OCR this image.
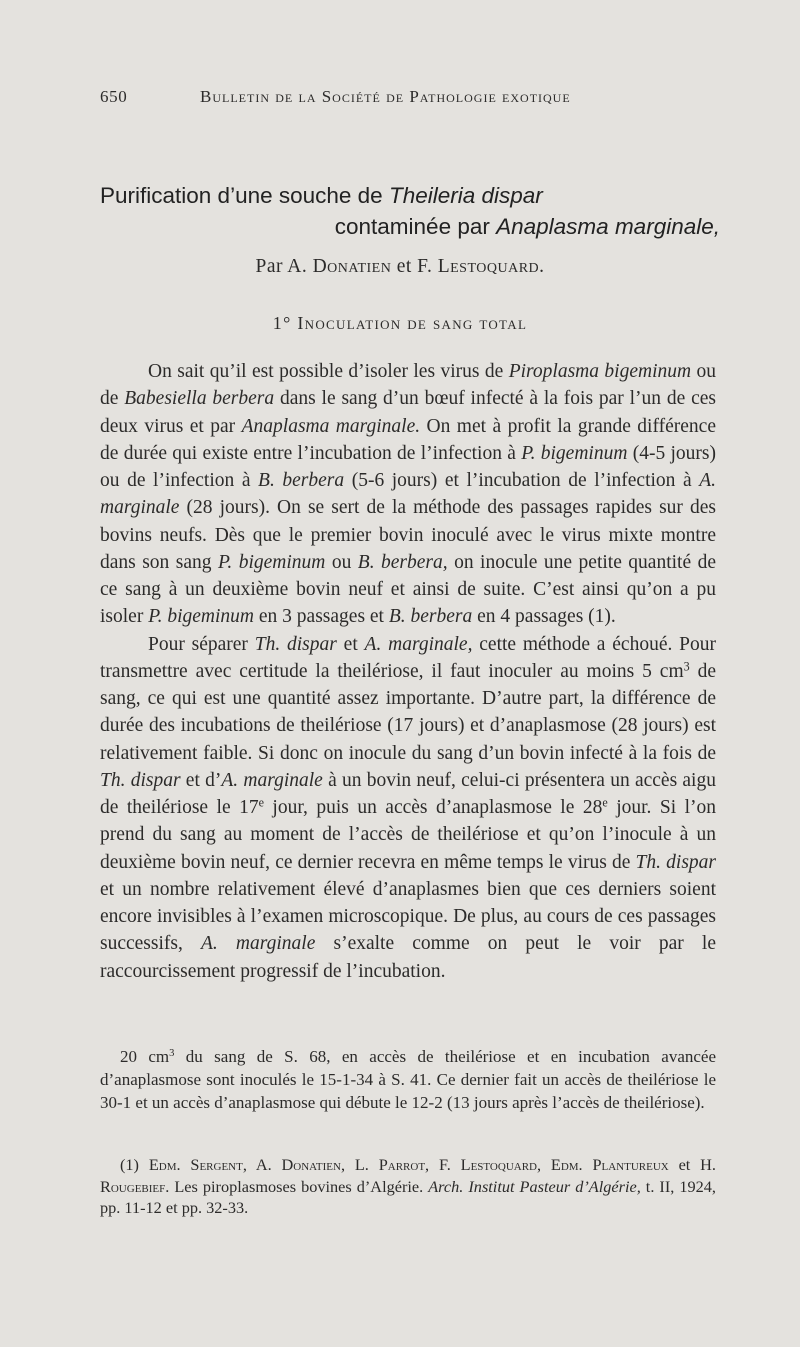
650	Bulletin de la Société de Pathologie exotique
Purification d’une souche de Theileria dispar
contaminée par Anaplasma marginale,
Par A. Donatien et F. Lestoquard.
1° Inoculation de sang total

On sait qu’il est possible d’isoler les virus de Piroplasma bigeminum ou de Babesiella berbera dans le sang d’un bœuf infecté à la fois par l’un de ces deux virus et par Anaplasma marginale. On met à profit la grande différence de durée qui existe entre l’incubation de l’infection à P. bigeminum (4-5 jours) ou de l’infection à B. berbera (5-6 jours) et l’incubation de l’infection à A. marginale (28 jours). On se sert de la méthode des passages rapides sur des bovins neufs. Dès que le premier bovin inoculé avec le virus mixte montre dans son sang P. bigeminum ou B. berbera, on inocule une petite quantité de ce sang à un deuxième bovin neuf et ainsi de suite. C’est ainsi qu’on a pu isoler P. bigeminum en 3 passages et B. berbera en 4 passages (1).

Pour séparer Th. dispar et A. marginale, cette méthode a échoué. Pour transmettre avec certitude la theilériose, il faut inoculer au moins 5 $cm^3$ de sang, ce qui est une quantité assez importante. D’autre part, la différence de durée des incubations de theilériose (17 jours) et d’anaplasmose (28 jours) est relativement faible. Si donc on inocule du sang d’un bovin infecté à la fois de Th. dispar et d’A. marginale à un bovin neuf, celui-ci présentera un accès aigu de theilériose le 17e jour, puis un accès d’anaplasmose le 28e jour. Si l’on prend du sang au moment de l’accès de theilériose et qu’on l’inocule à un deuxième bovin neuf, ce dernier recevra en même temps le virus de Th. dispar et un nombre relativement élevé d’anaplasmes bien que ces derniers soient encore invisibles à l’examen microscopique. De plus, au cours de ces passages successifs, A. marginale s’exalte comme on peut le voir par le raccourcissement progressif de l’incubation.

20 $cm^3$ du sang de S. 68, en accès de theilériose et en incubation avancée d’anaplasmose sont inoculés le 15-1-34 à S. 41. Ce dernier fait un accès de theilériose le 30-1 et un accès d’anaplasmose qui débute le 12-2 (13 jours après l’accès de theilériose).

(1) Edm. Sergent, A. Donatien, L. Parrot, F. Lestoquard, Edm. Plantureux et H. Rougebief. Les piroplasmoses bovines d’Algérie. Arch. Institut Pasteur d’Algérie, t. II, 1924, pp. 11-12 et pp. 32-33.
